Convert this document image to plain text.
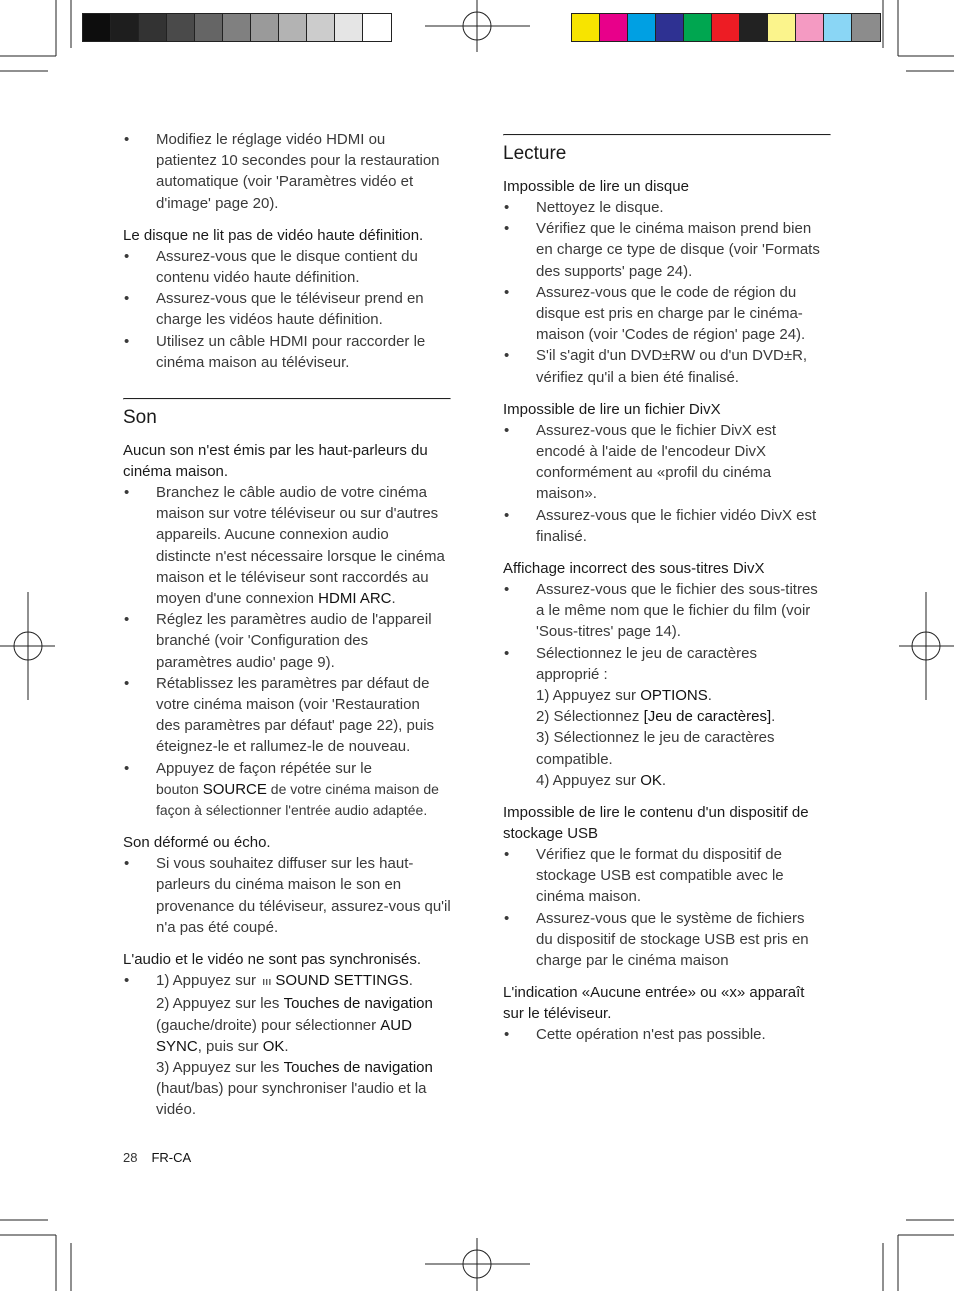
• Modifiez le réglage vidéo HDMI ou
patientez 10 secondes pour la restauration
automatique (voir 'Paramètres vidéo et
d'image' page 20).

Le disque ne lit pas de vidéo haute définition.

• Assurez-vous que le disque contient du
contenu vidéo haute définition.
• Assurez-vous que le téléviseur prend en
charge les vidéos haute définition.
• Utilisez un câble HDMI pour raccorder le
cinéma maison au téléviseur.
Son

Aucun son n'est émis par les haut-parleurs du
cinéma maison.

• Branchez le câble audio de votre cinéma
maison sur votre téléviseur ou sur d'autres
appareils. Aucune connexion audio
distincte n'est nécessaire lorsque le cinéma
maison et le téléviseur sont raccordés au
moyen d'une connexion HDMI ARC.
• Réglez les paramètres audio de l'appareil
branché (voir 'Configuration des
paramètres audio' page 9).
• Rétablissez les paramètres par défaut de
votre cinéma maison (voir 'Restauration
des paramètres par défaut' page 22), puis
éteignez-le et rallumez-le de nouveau.
• Appuyez de façon répétée sur le
bouton SOURCE de votre cinéma maison de
façon à sélectionner l'entrée audio adaptée.

Son déformé ou écho.

• Si vous souhaitez diffuser sur les haut-
parleurs du cinéma maison le son en
provenance du téléviseur, assurez-vous qu'il
n'a pas été coupé.

L'audio et le vidéo ne sont pas synchronisés.

• 1) Appuyez sur ııı SOUND SETTINGS.
2) Appuyez sur les Touches de navigation
(gauche/droite) pour sélectionner AUD
SYNC, puis sur OK.
3) Appuyez sur les Touches de navigation
(haut/bas) pour synchroniser l'audio et la
vidéo.
28 FR-CA
Lecture

Impossible de lire un disque

• Nettoyez le disque.
• Vérifiez que le cinéma maison prend bien
en charge ce type de disque (voir 'Formats
des supports' page 24).
• Assurez-vous que le code de région du
disque est pris en charge par le cinéma-
maison (voir 'Codes de région' page 24).
• S'il s'agit d'un DVD±RW ou d'un DVD±R,
vérifiez qu'il a bien été finalisé.

Impossible de lire un fichier DivX

• Assurez-vous que le fichier DivX est
encodé à l'aide de l'encodeur DivX
conformément au «profil du cinéma
maison».
• Assurez-vous que le fichier vidéo DivX est
finalisé.

Affichage incorrect des sous-titres DivX

• Assurez-vous que le fichier des sous-titres
a le même nom que le fichier du film (voir
'Sous-titres' page 14).
• Sélectionnez le jeu de caractères
approprié :
1) Appuyez sur OPTIONS.
2) Sélectionnez [Jeu de caractères].
3) Sélectionnez le jeu de caractères
compatible.
4) Appuyez sur OK.

Impossible de lire le contenu d'un dispositif de
stockage USB

• Vérifiez que le format du dispositif de
stockage USB est compatible avec le
cinéma maison.
• Assurez-vous que le système de fichiers
du dispositif de stockage USB est pris en
charge par le cinéma maison

L'indication «Aucune entrée» ou «x» apparaît
sur le téléviseur.

• Cette opération n'est pas possible.
